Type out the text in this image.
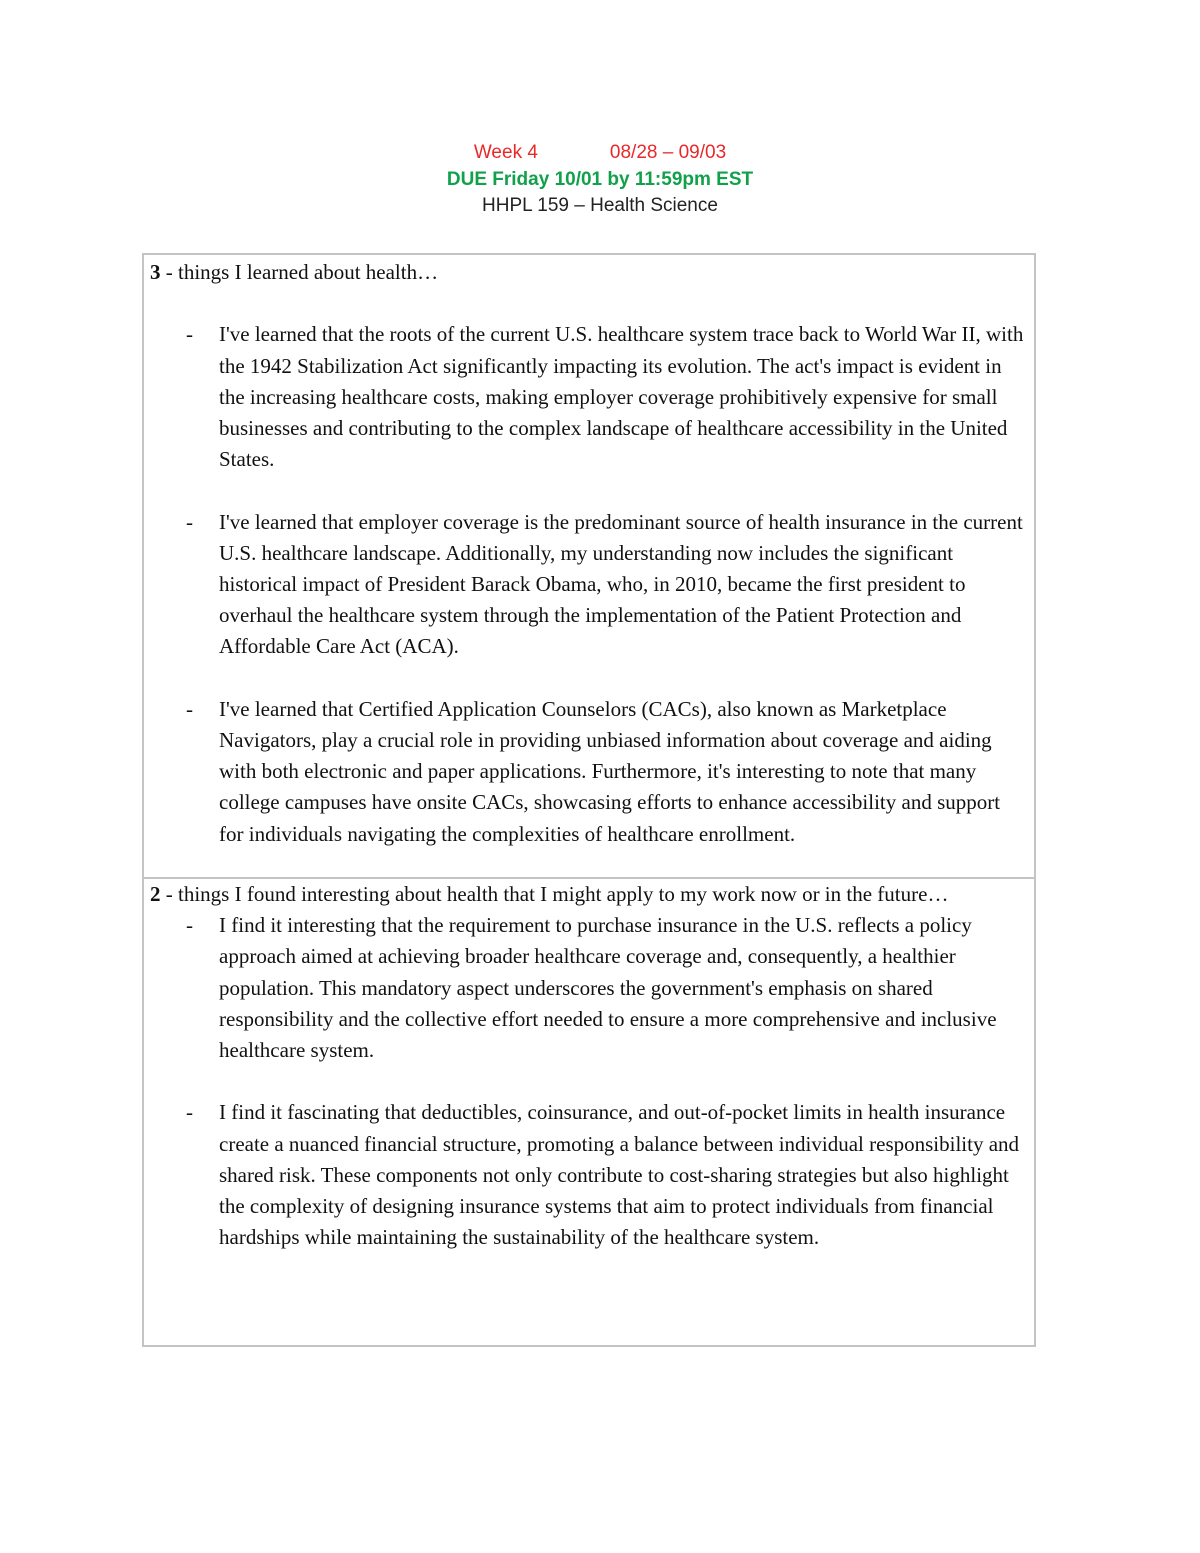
Week 4	08/28 – 09/03
DUE Friday 10/01 by 11:59pm EST
HHPL 159 – Health Science

3 - things I learned about health…

- I've learned that the roots of the current U.S. healthcare system trace back to World War II, with the 1942 Stabilization Act significantly impacting its evolution. The act's impact is evident in the increasing healthcare costs, making employer coverage prohibitively expensive for small businesses and contributing to the complex landscape of healthcare accessibility in the United States.
- I've learned that employer coverage is the predominant source of health insurance in the current U.S. healthcare landscape. Additionally, my understanding now includes the significant historical impact of President Barack Obama, who, in 2010, became the first president to overhaul the healthcare system through the implementation of the Patient Protection and Affordable Care Act (ACA).
- I've learned that Certified Application Counselors (CACs), also known as Marketplace Navigators, play a crucial role in providing unbiased information about coverage and aiding with both electronic and paper applications. Furthermore, it's interesting to note that many college campuses have onsite CACs, showcasing efforts to enhance accessibility and support for individuals navigating the complexities of healthcare enrollment.

2 - things I found interesting about health that I might apply to my work now or in the future…

- I find it interesting that the requirement to purchase insurance in the U.S. reflects a policy approach aimed at achieving broader healthcare coverage and, consequently, a healthier population. This mandatory aspect underscores the government's emphasis on shared responsibility and the collective effort needed to ensure a more comprehensive and inclusive healthcare system.
- I find it fascinating that deductibles, coinsurance, and out-of-pocket limits in health insurance create a nuanced financial structure, promoting a balance between individual responsibility and shared risk. These components not only contribute to cost-sharing strategies but also highlight the complexity of designing insurance systems that aim to protect individuals from financial hardships while maintaining the sustainability of the healthcare system.
